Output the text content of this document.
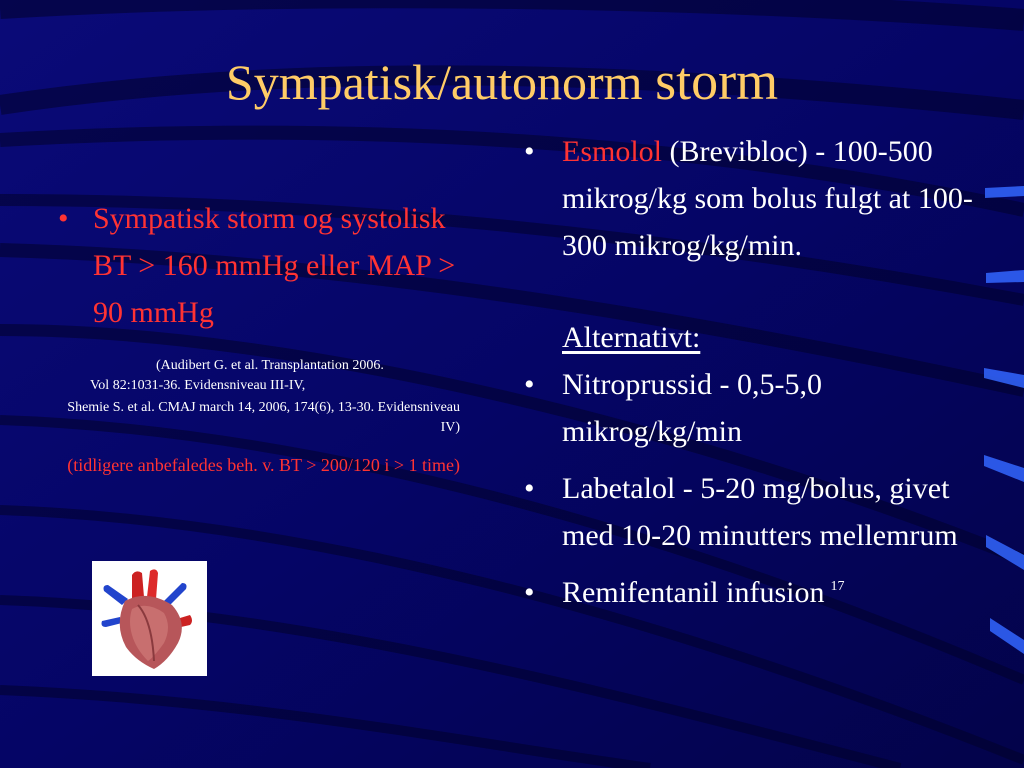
Sympatisk/autonorm storm
• Sympatisk storm og systolisk BT > 160 mmHg eller MAP > 90 mmHg
(Audibert G. et al. Transplantation 2006.
Vol 82:1031-36. Evidensniveau III-IV,
Shemie S. et al. CMAJ march 14, 2006, 174(6), 13-30. Evidensniveau IV)
(tidligere anbefaledes beh. v. BT > 200/120 i > 1 time)
• Esmolol (Brevibloc) - 100-500 mikrog/kg som bolus fulgt at 100-300 mikrog/kg/min.
Alternativt:
• Nitroprussid - 0,5-5,0 mikrog/kg/min
• Labetalol - 5-20 mg/bolus, givet med 10-20 minutters mellemrum
• Remifentanil infusion $^{17}$
